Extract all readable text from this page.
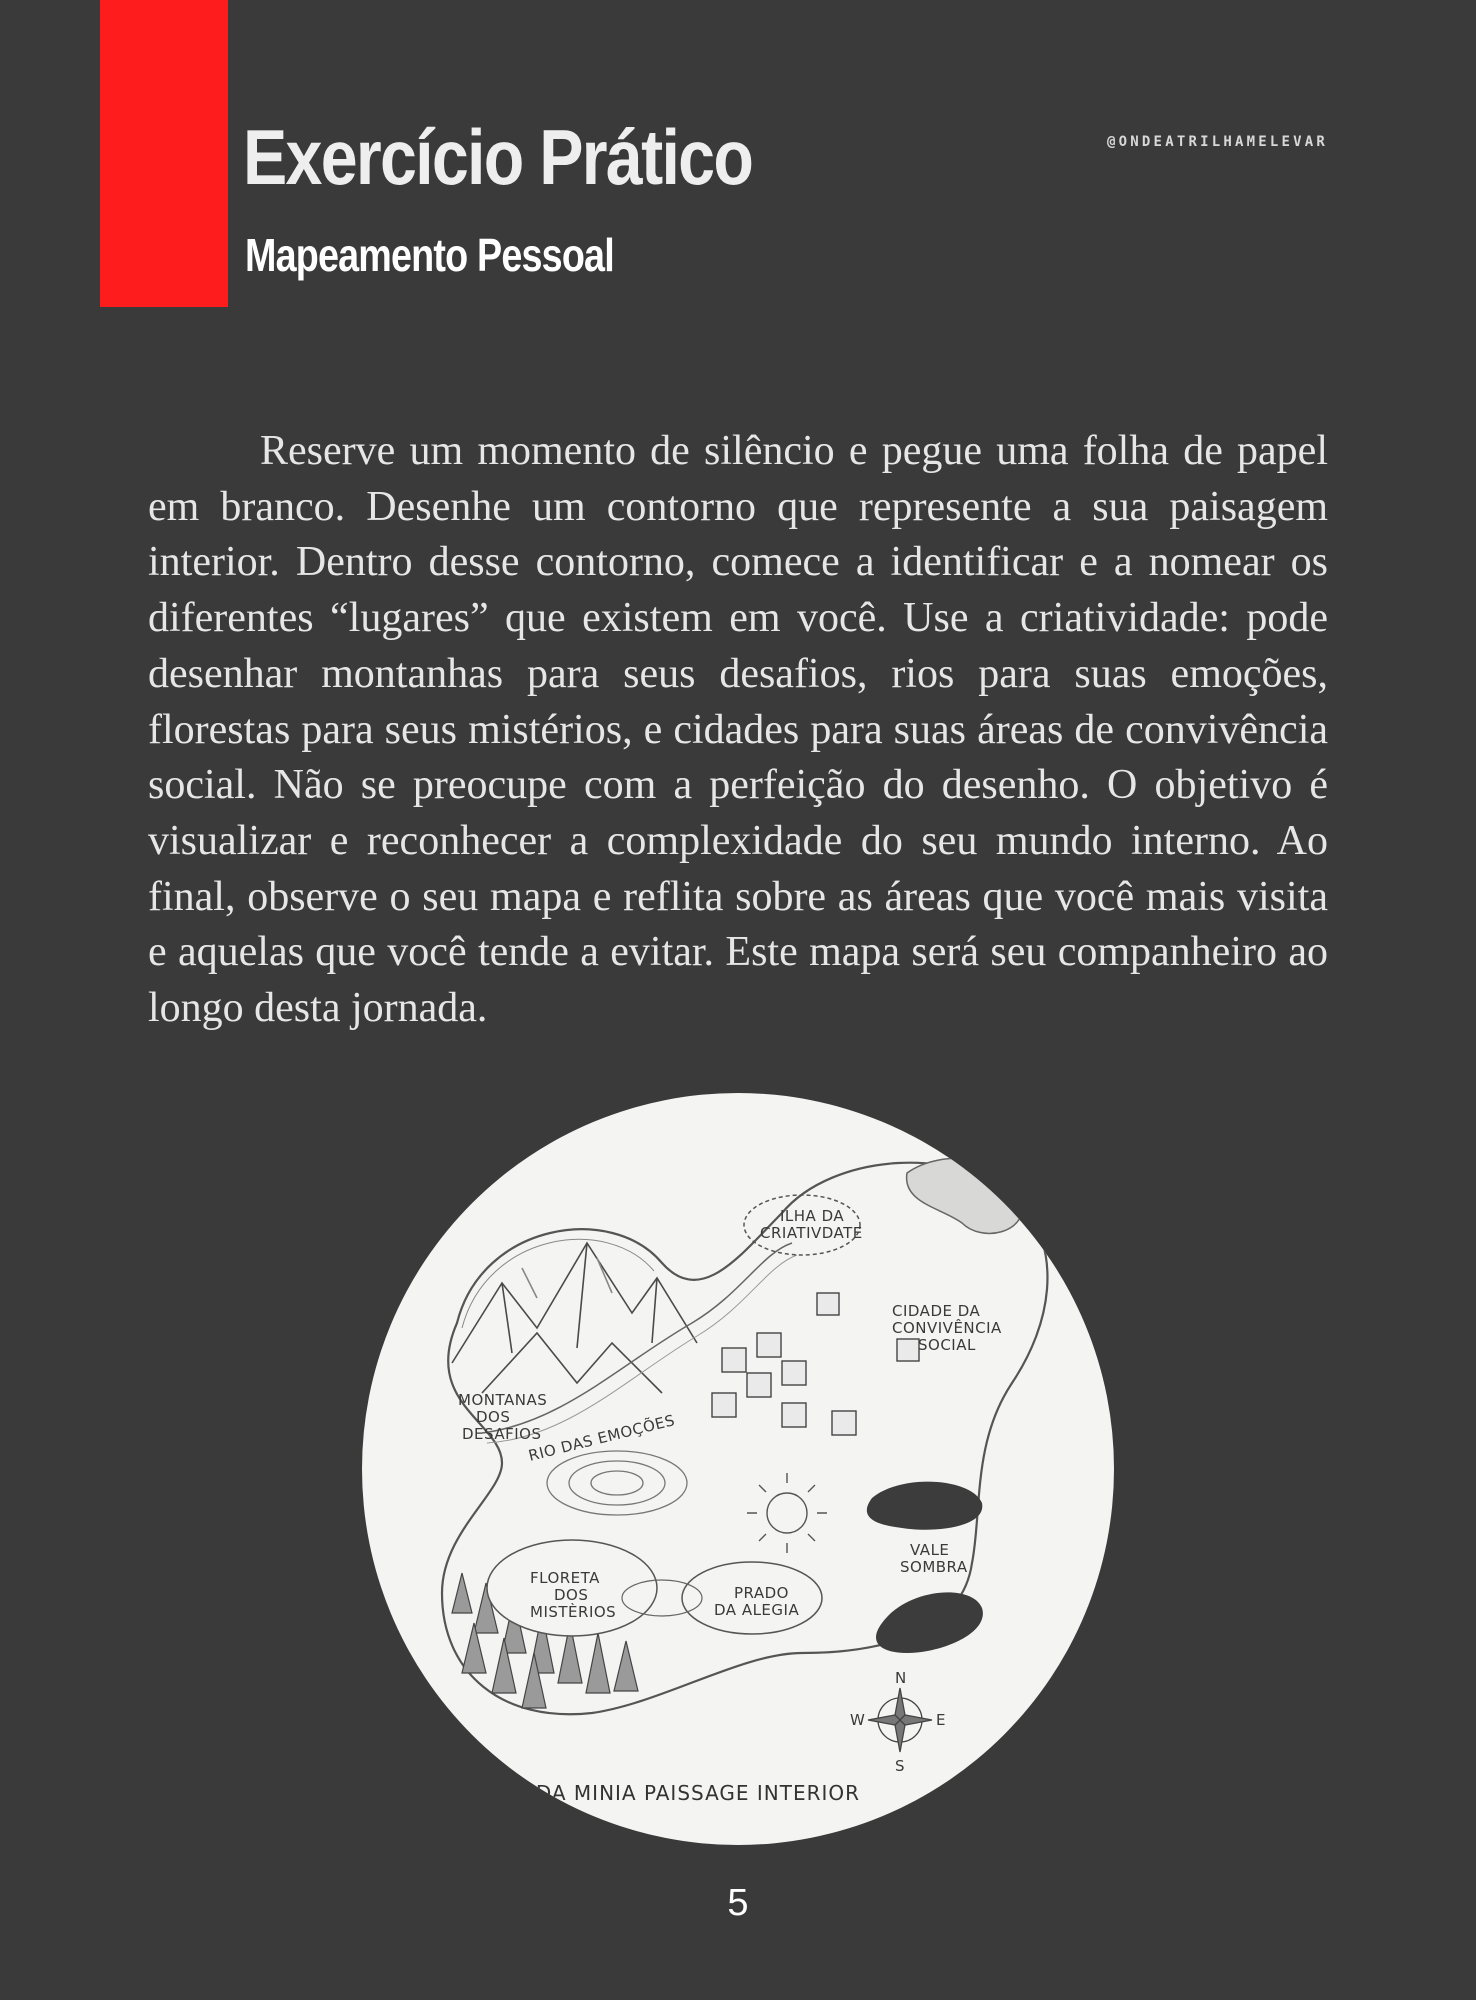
Exercício Prático
Mapeamento Pessoal
@ONDEATRILHAMELEVAR

Reserve um momento de silêncio e pegue uma folha de papel em branco. Desenhe um contorno que represente a sua paisagem interior. Dentro desse contorno, comece a identificar e a nomear os diferentes “lugares” que existem em você. Use a criatividade: pode desenhar montanhas para seus desafios, rios para suas emoções, florestas para seus mistérios, e cidades para suas áreas de convivência social. Não se preocupe com a perfeição do desenho. O objetivo é visualizar e reconhecer a complexidade do seu mundo interno. Ao final, observe o seu mapa e reflita sobre as áreas que você mais visita e aquelas que você tende a evitar. Este mapa será seu companheiro ao longo desta jornada.

MONTANAS
DOS
DESAFIOS
RIO DAS EMOÇÕES
ILHA DA
CRIATIVDATE
CIDADE DA
CONVIVÊNCIA
SOCIAL
VALE
SOMBRA
FLORETA
DOS
MISTÈRIOS
PRADO
DA ALEGIA
N
S
E
W
PA DA MINIA PAISSAGE INTERIOR
5
